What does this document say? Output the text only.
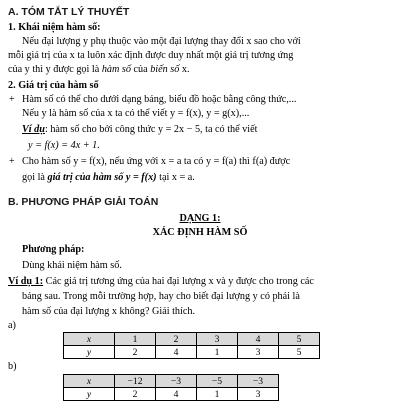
A. TÓM TẮT LÝ THUYẾT
1. Khái niệm hàm số:
Nếu đại lượng y phụ thuộc vào một đại lượng thay đổi x sao cho với
mỗi giá trị của x ta luôn xác định được duy nhất một giá trị tương ứng
của y thì y được gọi là hàm số của biến số x.
2. Giá trị của hàm số
+ Hàm số có thể cho dưới dạng bảng, biểu đồ hoặc bằng công thức,...
Nếu y là hàm số của x ta có thể viết y = f(x), y = g(x),...
Ví dụ: hàm số cho bởi công thức y = 2x − 5, ta có thể viết
y = f(x) = 4x + 1.
+ Cho hàm số y = f(x), nếu ứng với x = a ta có y = f(a) thì f(a) được
gọi là giá trị của hàm số y = f(x) tại x = a.
B. PHƯƠNG PHÁP GIẢI TOÁN
DẠNG 1:
XÁC ĐỊNH HÀM SỐ
Phương pháp:
Dùng khái niệm hàm số.
Ví dụ 1: Các giá trị tương ứng của hai đại lượng x và y được cho trong các
bảng sau. Trong mỗi trường hợp, hay cho biết đại lượng y có phải là
hàm số của đại lượng x không? Giải thích.
a)
x	1	2	3	4	5
y	2	4	1	3	5
b)
x	−12	−3	−5	−3
y	2	4	1	3
